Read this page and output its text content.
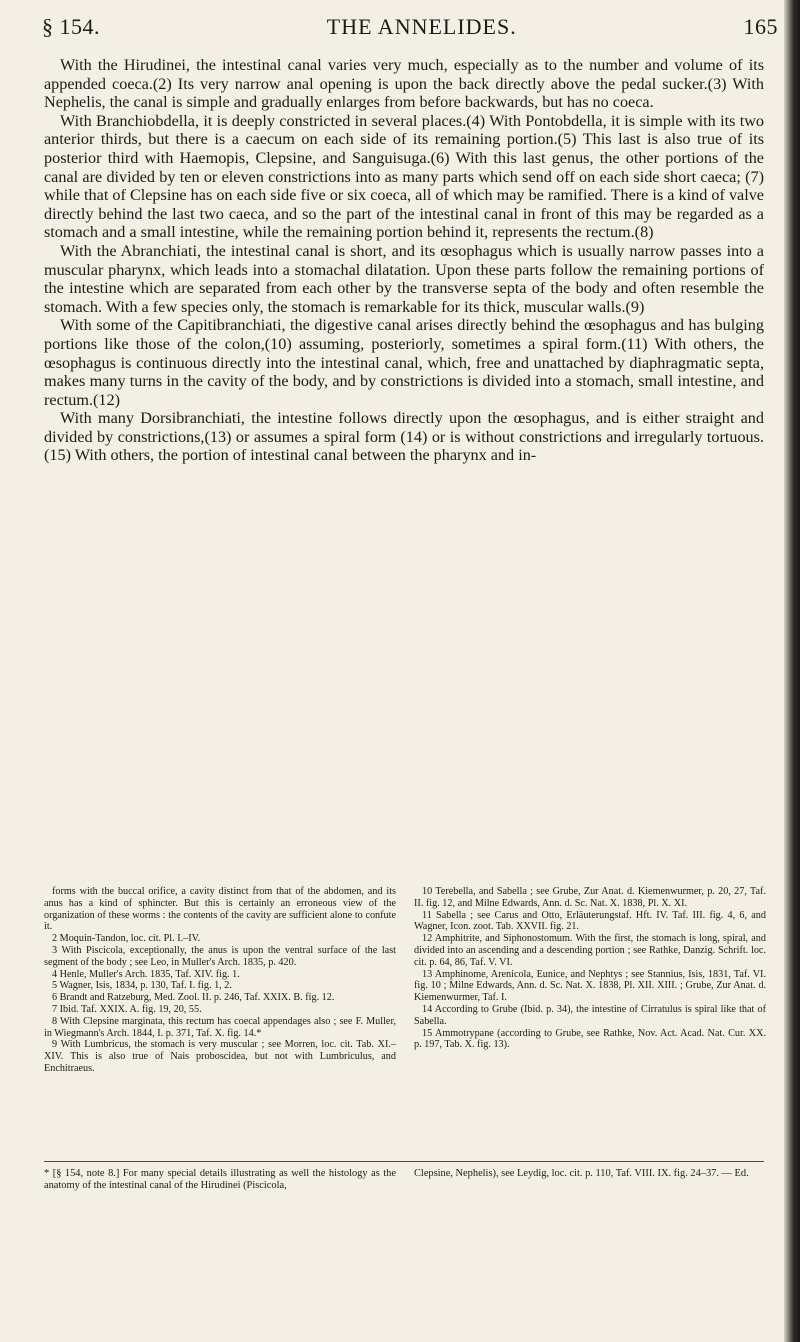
§ 154.	THE ANNELIDES.	165

With the Hirudinei, the intestinal canal varies very much, especially as to the number and volume of its appended coeca.(2) Its very narrow anal opening is upon the back directly above the pedal sucker.(3) With Nephelis, the canal is simple and gradually enlarges from before backwards, but has no coeca.

With Branchiobdella, it is deeply constricted in several places.(4) With Pontobdella, it is simple with its two anterior thirds, but there is a caecum on each side of its remaining portion.(5) This last is also true of its posterior third with Haemopis, Clepsine, and Sanguisuga.(6) With this last genus, the other portions of the canal are divided by ten or eleven constrictions into as many parts which send off on each side short caeca; (7) while that of Clepsine has on each side five or six coeca, all of which may be ramified. There is a kind of valve directly behind the last two caeca, and so the part of the intestinal canal in front of this may be regarded as a stomach and a small intestine, while the remaining portion behind it, represents the rectum.(8)

With the Abranchiati, the intestinal canal is short, and its œsophagus which is usually narrow passes into a muscular pharynx, which leads into a stomachal dilatation. Upon these parts follow the remaining portions of the intestine which are separated from each other by the transverse septa of the body and often resemble the stomach. With a few species only, the stomach is remarkable for its thick, muscular walls.(9)

With some of the Capitibranchiati, the digestive canal arises directly behind the œsophagus and has bulging portions like those of the colon,(10) assuming, posteriorly, sometimes a spiral form.(11) With others, the œsophagus is continuous directly into the intestinal canal, which, free and unattached by diaphragmatic septa, makes many turns in the cavity of the body, and by constrictions is divided into a stomach, small intestine, and rectum.(12)

With many Dorsibranchiati, the intestine follows directly upon the œsophagus, and is either straight and divided by constrictions,(13) or assumes a spiral form (14) or is without constrictions and irregularly tortuous.(15) With others, the portion of intestinal canal between the pharynx and in-

forms with the buccal orifice, a cavity distinct from that of the abdomen, and its anus has a kind of sphincter. But this is certainly an erroneous view of the organization of these worms : the contents of the cavity are sufficient alone to confute it.

2 Moquin-Tandon, loc. cit. Pl. I.–IV.

3 With Piscicola, exceptionally, the anus is upon the ventral surface of the last segment of the body ; see Leo, in Muller's Arch. 1835, p. 420.

4 Henle, Muller's Arch. 1835, Taf. XIV. fig. 1.

5 Wagner, Isis, 1834, p. 130, Taf. I. fig. 1, 2.

6 Brandt and Ratzeburg, Med. Zool. II. p. 246, Taf. XXIX. B. fig. 12.

7 Ibid. Taf. XXIX. A. fig. 19, 20, 55.

8 With Clepsine marginata, this rectum has coecal appendages also ; see F. Muller, in Wiegmann's Arch. 1844, I. p. 371, Taf. X. fig. 14.*

9 With Lumbricus, the stomach is very muscular ; see Morren, loc. cit. Tab. XI.–XIV. This is also true of Nais proboscidea, but not with Lumbriculus, and Enchitraeus.

10 Terebella, and Sabella ; see Grube, Zur Anat. d. Kiemenwurmer, p. 20, 27, Taf. II. fig. 12, and Milne Edwards, Ann. d. Sc. Nat. X. 1838, Pl. X. XI.

11 Sabella ; see Carus and Otto, Erläuterungstaf. Hft. IV. Taf. III. fig. 4, 6, and Wagner, Icon. zoot. Tab. XXVII. fig. 21.

12 Amphitrite, and Siphonostomum. With the first, the stomach is long, spiral, and divided into an ascending and a descending portion ; see Rathke, Danzig. Schrift. loc. cit. p. 64, 86, Taf. V. VI.

13 Amphinome, Arenicola, Eunice, and Nephtys ; see Stannius, Isis, 1831, Taf. VI. fig. 10 ; Milne Edwards, Ann. d. Sc. Nat. X. 1838, Pl. XII. XIII. ; Grube, Zur Anat. d. Kiemenwurmer, Taf. I.

14 According to Grube (Ibid. p. 34), the intestine of Cirratulus is spiral like that of Sabella.

15 Ammotrypane (according to Grube, see Rathke, Nov. Act. Acad. Nat. Cur. XX. p. 197, Tab. X. fig. 13).

* [§ 154, note 8.] For many special details illustrating as well the histology as the anatomy of the intestinal canal of the Hirudinei (Piscicola,
Clepsine, Nephelis), see Leydig, loc. cit. p. 110, Taf. VIII. IX. fig. 24–37. — Ed.
